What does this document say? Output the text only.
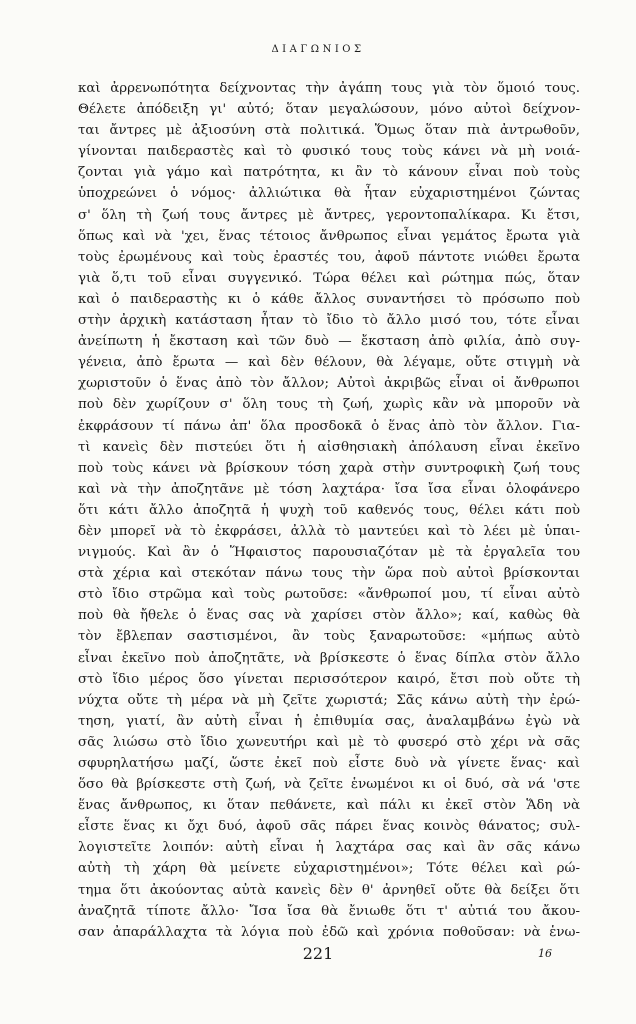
ΔΙΑΓΩΝΙΟΣ
καὶ ἀρρενωπότητα δείχνοντας τὴν ἀγάπη τους γιὰ τὸν ὅμοιό τους.
Θέλετε ἀπόδειξη γι' αὐτό; ὅταν μεγαλώσουν, μόνο αὐτοὶ δείχνον-
ται ἄντρες μὲ ἀξιοσύνη στὰ πολιτικά. Ὅμως ὅταν πιὰ ἀντρωθοῦν,
γίνονται παιδεραστὲς καὶ τὸ φυσικό τους τοὺς κάνει νὰ μὴ νοιά-
ζονται γιὰ γάμο καὶ πατρότητα, κι ἂν τὸ κάνουν εἶναι ποὺ τοὺς
ὑποχρεώνει ὁ νόμος· ἀλλιώτικα θὰ ἦταν εὐχαριστημένοι ζώντας
σ' ὅλη τὴ ζωή τους ἄντρες μὲ ἄντρες, γεροντοπαλίκαρα. Κι ἔτσι,
ὅπως καὶ νὰ 'χει, ἕνας τέτοιος ἄνθρωπος εἶναι γεμάτος ἔρωτα γιὰ
τοὺς ἐρωμένους καὶ τοὺς ἐραστές του, ἀφοῦ πάντοτε νιώθει ἔρωτα
γιὰ ὅ,τι τοῦ εἶναι συγγενικό. Τώρα θέλει καὶ ρώτημα πώς, ὅταν
καὶ ὁ παιδεραστὴς κι ὁ κάθε ἄλλος συναντήσει τὸ πρόσωπο ποὺ
στὴν ἀρχικὴ κατάσταση ἦταν τὸ ἴδιο τὸ ἄλλο μισό του, τότε εἶναι
ἀνείπωτη ἡ ἔκσταση καὶ τῶν δυὸ — ἔκσταση ἀπὸ φιλία, ἀπὸ συγ-
γένεια, ἀπὸ ἔρωτα — καὶ δὲν θέλουν, θὰ λέγαμε, οὔτε στιγμὴ νὰ
χωριστοῦν ὁ ἕνας ἀπὸ τὸν ἄλλον; Αὐτοὶ ἀκριβῶς εἶναι οἱ ἄνθρωποι
ποὺ δὲν χωρίζουν σ' ὅλη τους τὴ ζωή, χωρὶς κἂν νὰ μποροῦν νὰ
ἐκφράσουν τί πάνω ἀπ' ὅλα προσδοκᾶ ὁ ἕνας ἀπὸ τὸν ἄλλον. Για-
τὶ κανεὶς δὲν πιστεύει ὅτι ἡ αἰσθησιακὴ ἀπόλαυση εἶναι ἐκεῖνο
ποὺ τοὺς κάνει νὰ βρίσκουν τόση χαρὰ στὴν συντροφικὴ ζωή τους
καὶ νὰ τὴν ἀποζητᾶνε μὲ τόση λαχτάρα· ἴσα ἴσα εἶναι ὁλοφάνερο
ὅτι κάτι ἄλλο ἀποζητᾶ ἡ ψυχὴ τοῦ καθενός τους, θέλει κάτι ποὺ
δὲν μπορεῖ νὰ τὸ ἐκφράσει, ἀλλὰ τὸ μαντεύει καὶ τὸ λέει μὲ ὑπαι-
νιγμούς. Καὶ ἂν ὁ Ἥφαιστος παρουσιαζόταν μὲ τὰ ἐργαλεῖα του
στὰ χέρια καὶ στεκόταν πάνω τους τὴν ὥρα ποὺ αὐτοὶ βρίσκονται
στὸ ἴδιο στρῶμα καὶ τοὺς ρωτοῦσε: «ἄνθρωποί μου, τί εἶναι αὐτὸ
ποὺ θὰ ἤθελε ὁ ἕνας σας νὰ χαρίσει στὸν ἄλλο»; καί, καθὼς θὰ
τὸν ἔβλεπαν σαστισμένοι, ἂν τοὺς ξαναρωτοῦσε: «μήπως αὐτὸ
εἶναι ἐκεῖνο ποὺ ἀποζητᾶτε, νὰ βρίσκεστε ὁ ἕνας δίπλα στὸν ἄλλο
στὸ ἴδιο μέρος ὅσο γίνεται περισσότερον καιρό, ἔτσι ποὺ οὔτε τὴ
νύχτα οὔτε τὴ μέρα νὰ μὴ ζεῖτε χωριστά; Σᾶς κάνω αὐτὴ τὴν ἐρώ-
τηση, γιατί, ἂν αὐτὴ εἶναι ἡ ἐπιθυμία σας, ἀναλαμβάνω ἐγὼ νὰ
σᾶς λιώσω στὸ ἴδιο χωνευτήρι καὶ μὲ τὸ φυσερό στὸ χέρι νὰ σᾶς
σφυρηλατήσω μαζί, ὥστε ἐκεῖ ποὺ εἶστε δυὸ νὰ γίνετε ἕνας· καὶ
ὅσο θὰ βρίσκεστε στὴ ζωή, νὰ ζεῖτε ἑνωμένοι κι οἱ δυό, σὰ νά 'στε
ἕνας ἄνθρωπος, κι ὅταν πεθάνετε, καὶ πάλι κι ἐκεῖ στὸν Ἅδη νὰ
εἶστε ἕνας κι ὄχι δυό, ἀφοῦ σᾶς πάρει ἕνας κοινὸς θάνατος; συλ-
λογιστεῖτε λοιπόν: αὐτὴ εἶναι ἡ λαχτάρα σας καὶ ἂν σᾶς κάνω
αὐτὴ τὴ χάρη θὰ μείνετε εὐχαριστημένοι»; Τότε θέλει καὶ ρώ-
τημα ὅτι ἀκούοντας αὐτὰ κανεὶς δὲν θ' ἀρνηθεῖ οὔτε θὰ δείξει ὅτι
ἀναζητᾶ τίποτε ἄλλο· Ἴσα ἴσα θὰ ἔνιωθε ὅτι τ' αὐτιά του ἄκου-
σαν ἀπαράλλαχτα τὰ λόγια ποὺ ἐδῶ καὶ χρόνια ποθοῦσαν: νὰ ἑνω-
221	16
